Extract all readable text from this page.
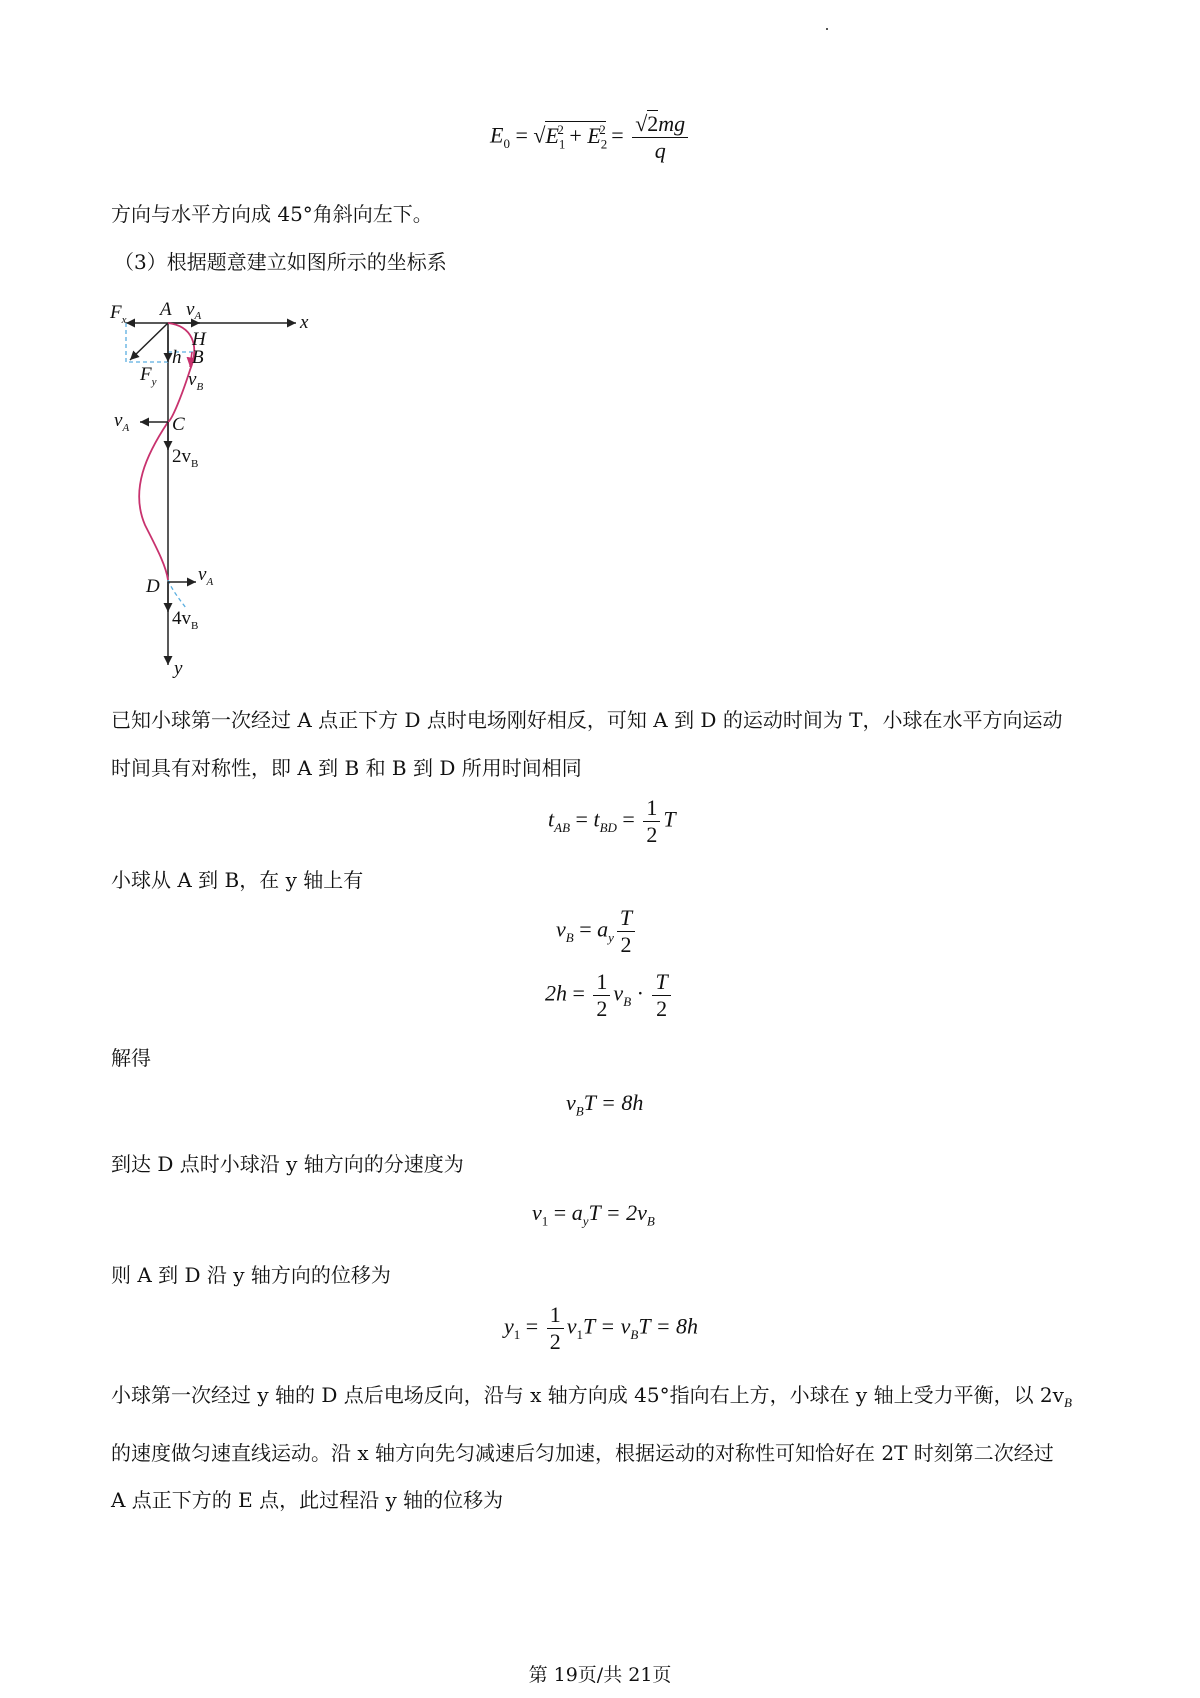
$E_0 = √E_1^2 + E_2^2 = \frac{√2mg}{q}$
方向与水平方向成 45°角斜向左下。
（3）根据题意建立如图所示的坐标系
$F_x$ A $v_A$	x
H
h B
$F_y$ $v_B$
$v_A$ C
$2v_B$
D
$v_A$
$4v_B$
y
已知小球第一次经过 A 点正下方 D 点时电场刚好相反，可知 A 到 D 的运动时间为 T，小球在水平方向运动
时间具有对称性，即 A 到 B 和 B 到 D 所用时间相同
$t_{AB} = t_{BD} = \frac{1}{2}$ T
小球从 A 到 B，在 y 轴上有
$v_B = a_y \frac{T}{2}$
$2h = \frac{1}{2} v_B \cdot \frac{T}{2}$
解得
$v_BT = 8h$
到达 D 点时小球沿 y 轴方向的分速度为
$v_1 = a_yT = 2v_B$
则 A 到 D 沿 y 轴方向的位移为
$y_1 = \frac{1}{2} v_1T = v_BT = 8h$
小球第一次经过 y 轴的 D 点后电场反向，沿与 x 轴方向成 45°指向右上方，小球在 y 轴上受力平衡，以 $2v_B$
的速度做匀速直线运动。沿 x 轴方向先匀减速后匀加速，根据运动的对称性可知恰好在 2T 时刻第二次经过
A 点正下方的 E 点，此过程沿 y 轴的位移为
第 19页/共 21页
